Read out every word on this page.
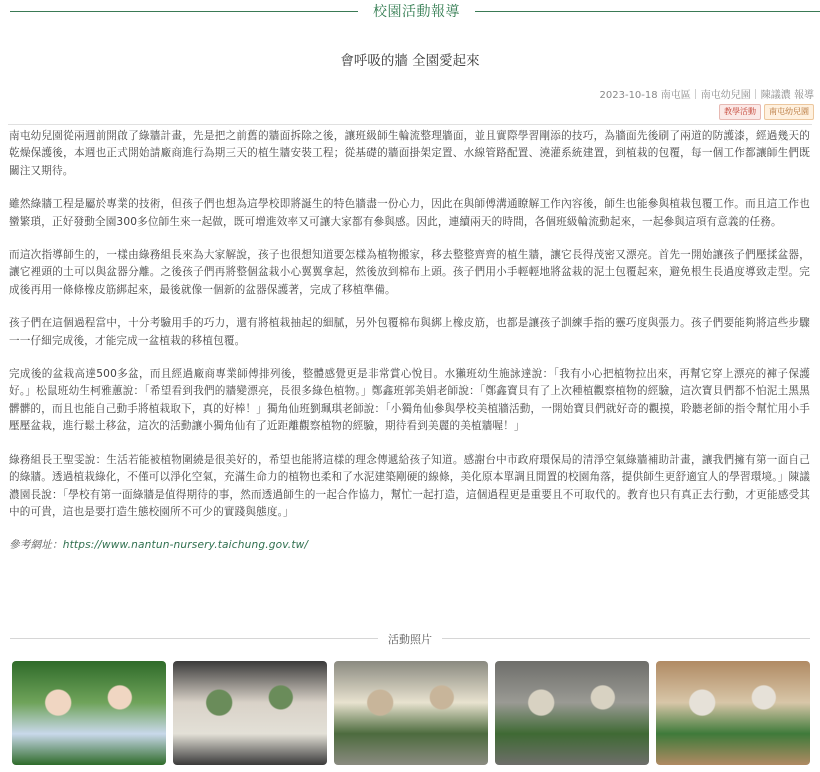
校園活動報導
會呼吸的牆 全園愛起來
2023-10-18 南屯區｜南屯幼兒園｜陳議濃 報導
教學活動	南屯幼兒園

南屯幼兒園從兩週前開啟了綠牆計畫，先是把之前舊的牆面拆除之後，讓班級師生輪流整理牆面，並且實際學習剛添的技巧，為牆面先後刷了兩道的防護漆，經過幾天的乾燥保護後，本週也正式開始請廠商進行為期三天的植生牆安裝工程；從基礎的牆面掛架定置、水線管路配置、澆灌系統建置，到植栽的包覆，每一個工作都讓師生們既關注又期待。

雖然綠牆工程是屬於專業的技術，但孩子們也想為這學校即將誕生的特色牆盡一份心力，因此在與師傅溝通瞭解工作內容後，師生也能參與植栽包覆工作。而且這工作也蠻繁瑣，正好發動全園300多位師生來一起做，既可增進效率又可讓大家都有參與感。因此，連續兩天的時間，各個班級輪流動起來，一起參與這項有意義的任務。

而這次指導師生的，一樣由綠務組長來為大家解說，孩子也很想知道要怎樣為植物搬家，移去整整齊齊的植生牆，讓它長得茂密又漂亮。首先一開始讓孩子們壓揉盆器，讓它裡頭的土可以與盆器分離。之後孩子們再將整個盆栽小心翼翼拿起，然後放到棉布上頭。孩子們用小手輕輕地將盆栽的泥土包覆起來，避免根生長過度導致走型。完成後再用一條條橡皮筋綁起來，最後就像一個新的盆器保護著，完成了移植準備。

孩子們在這個過程當中，十分考驗用手的巧力，還有將植栽抽起的細膩，另外包覆棉布與綁上橡皮筋，也都是讓孩子訓練手指的靈巧度與張力。孩子們要能夠將這些步驟一一仔細完成後，才能完成一盆植栽的移植包覆。

完成後的盆栽高達500多盆，而且經過廠商專業師傅排列後，整體感覺更是非常賞心悅目。水獺班幼生施詠達說：「我有小心把植物拉出來，再幫它穿上漂亮的褲子保護好。」松鼠班幼生柯雅蕙說：「希望看到我們的牆變漂亮，長很多綠色植物。」鄭鑫班郭美娟老師說：「鄭鑫寶貝有了上次種植觀察植物的經驗，這次寶貝們都不怕泥土黑黑髒髒的，而且也能自己動手將植栽取下，真的好棒！」獨角仙班劉珮琪老師說：「小獨角仙參與學校美植牆活動，一開始寶貝們就好奇的觀摸，聆聽老師的指令幫忙用小手壓壓盆栽，進行鬆土移盆，這次的活動讓小獨角仙有了近距離觀察植物的經驗，期待看到美麗的美植牆喔！」

綠務組長王聖雯說：生活若能被植物圍繞是很美好的，希望也能將這樣的理念傳遞給孩子知道。感謝台中市政府環保局的清淨空氣綠牆補助計畫，讓我們擁有第一面自己的綠牆。透過植栽綠化，不僅可以淨化空氣，充滿生命力的植物也柔和了水泥建築剛硬的線條，美化原本單調且閒置的校園角落，提供師生更舒適宜人的學習環境。」陳議濃園長說：「學校有第一面綠牆是值得期待的事，然而透過師生的一起合作協力，幫忙一起打造，這個過程更是重要且不可取代的。教育也只有真正去行動，才更能感受其中的可貴，這也是要打造生態校園所不可少的實踐與態度。」

參考網址：https://www.nantun-nursery.taichung.gov.tw/
活動照片
